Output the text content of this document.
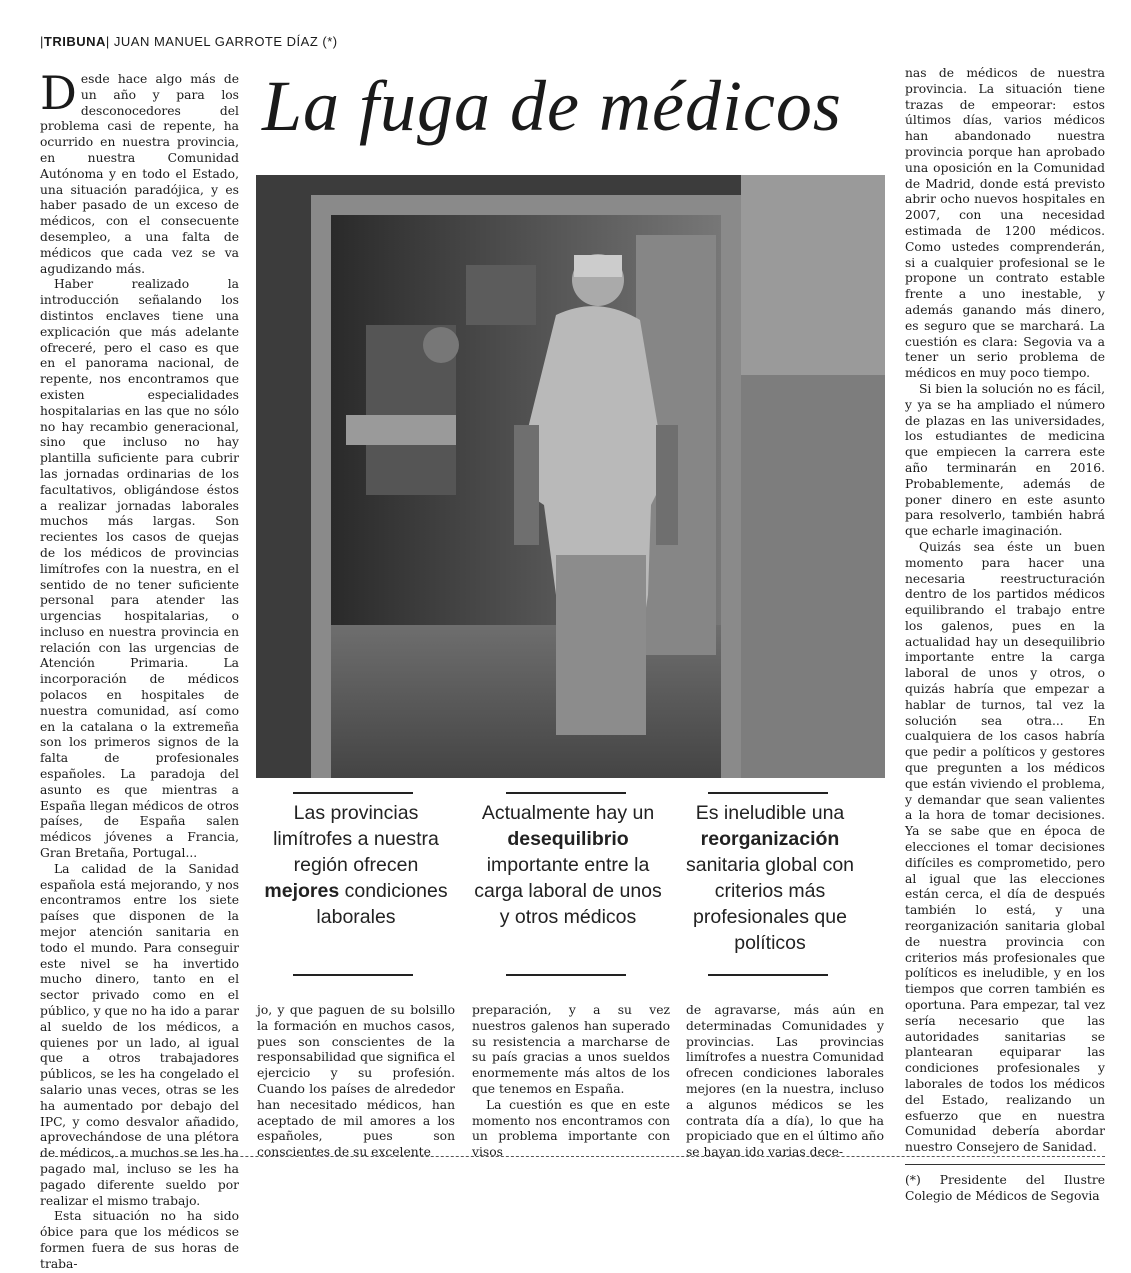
|TRIBUNA| JUAN MANUEL GARROTE DÍAZ (*)
La fuga de médicos

Desde hace algo más de un año y para los desconocedores del problema casi de repente, ha ocurrido en nuestra provincia, en nuestra Comunidad Autónoma y en todo el Estado, una situación paradójica, y es haber pasado de un exceso de médicos, con el consecuente desempleo, a una falta de médicos que cada vez se va agudizando más.

Haber realizado la introducción señalando los distintos enclaves tiene una explicación que más adelante ofreceré, pero el caso es que en el panorama nacional, de repente, nos encontramos que existen especialidades hospitalarias en las que no sólo no hay recambio generacional, sino que incluso no hay plantilla suficiente para cubrir las jornadas ordinarias de los facultativos, obligándose éstos a realizar jornadas laborales muchos más largas. Son recientes los casos de quejas de los médicos de provincias limítrofes con la nuestra, en el sentido de no tener suficiente personal para atender las urgencias hospitalarias, o incluso en nuestra provincia en relación con las urgencias de Atención Primaria. La incorporación de médicos polacos en hospitales de nuestra comunidad, así como en la catalana o la extremeña son los primeros signos de la falta de profesionales españoles. La paradoja del asunto es que mientras a España llegan médicos de otros países, de España salen médicos jóvenes a Francia, Gran Bretaña, Portugal...

La calidad de la Sanidad española está mejorando, y nos encontramos entre los siete países que disponen de la mejor atención sanitaria en todo el mundo. Para conseguir este nivel se ha invertido mucho dinero, tanto en el sector privado como en el público, y que no ha ido a parar al sueldo de los médicos, a quienes por un lado, al igual que a otros trabajadores públicos, se les ha congelado el salario unas veces, otras se les ha aumentado por debajo del IPC, y como desvalor añadido, aprovechándose de una plétora de médicos, a muchos se les ha pagado mal, incluso se les ha pagado diferente sueldo por realizar el mismo trabajo.

Esta situación no ha sido óbice para que los médicos se formen fuera de sus horas de traba-

Las provincias limítrofes a nuestra región ofrecen mejores condiciones laborales
Actualmente hay un desequilibrio importante entre la carga laboral de unos y otros médicos
Es ineludible una reorganización sanitaria global con criterios más profesionales que políticos

jo, y que paguen de su bolsillo la formación en muchos casos, pues son conscientes de la responsabilidad que significa el ejercicio y su profesión. Cuando los países de alrededor han necesitado médicos, han aceptado de mil amores a los españoles, pues son conscientes de su excelente

preparación, y a su vez nuestros galenos han superado su resistencia a marcharse de su país gracias a unos sueldos enormemente más altos de los que tenemos en España.

La cuestión es que en este momento nos encontramos con un problema importante con visos

de agravarse, más aún en determinadas Comunidades y provincias. Las provincias limítrofes a nuestra Comunidad ofrecen condiciones laborales mejores (en la nuestra, incluso a algunos médicos se les contrata día a día), lo que ha propiciado que en el último año se hayan ido varias dece-

nas de médicos de nuestra provincia. La situación tiene trazas de empeorar: estos últimos días, varios médicos han abandonado nuestra provincia porque han aprobado una oposición en la Comunidad de Madrid, donde está previsto abrir ocho nuevos hospitales en 2007, con una necesidad estimada de 1200 médicos. Como ustedes comprenderán, si a cualquier profesional se le propone un contrato estable frente a uno inestable, y además ganando más dinero, es seguro que se marchará. La cuestión es clara: Segovia va a tener un serio problema de médicos en muy poco tiempo.

Si bien la solución no es fácil, y ya se ha ampliado el número de plazas en las universidades, los estudiantes de medicina que empiecen la carrera este año terminarán en 2016. Probablemente, además de poner dinero en este asunto para resolverlo, también habrá que echarle imaginación.

Quizás sea éste un buen momento para hacer una necesaria reestructuración dentro de los partidos médicos equilibrando el trabajo entre los galenos, pues en la actualidad hay un desequilibrio importante entre la carga laboral de unos y otros, o quizás habría que empezar a hablar de turnos, tal vez la solución sea otra... En cualquiera de los casos habría que pedir a políticos y gestores que pregunten a los médicos que están viviendo el problema, y demandar que sean valientes a la hora de tomar decisiones. Ya se sabe que en época de elecciones el tomar decisiones difíciles es comprometido, pero al igual que las elecciones están cerca, el día de después también lo está, y una reorganización sanitaria global de nuestra provincia con criterios más profesionales que políticos es ineludible, y en los tiempos que corren también es oportuna. Para empezar, tal vez sería necesario que las autoridades sanitarias se plantearan equiparar las condiciones profesionales y laborales de todos los médicos del Estado, realizando un esfuerzo que en nuestra Comunidad debería abordar nuestro Consejero de Sanidad.

(*) Presidente del Ilustre Colegio de Médicos de Segovia
